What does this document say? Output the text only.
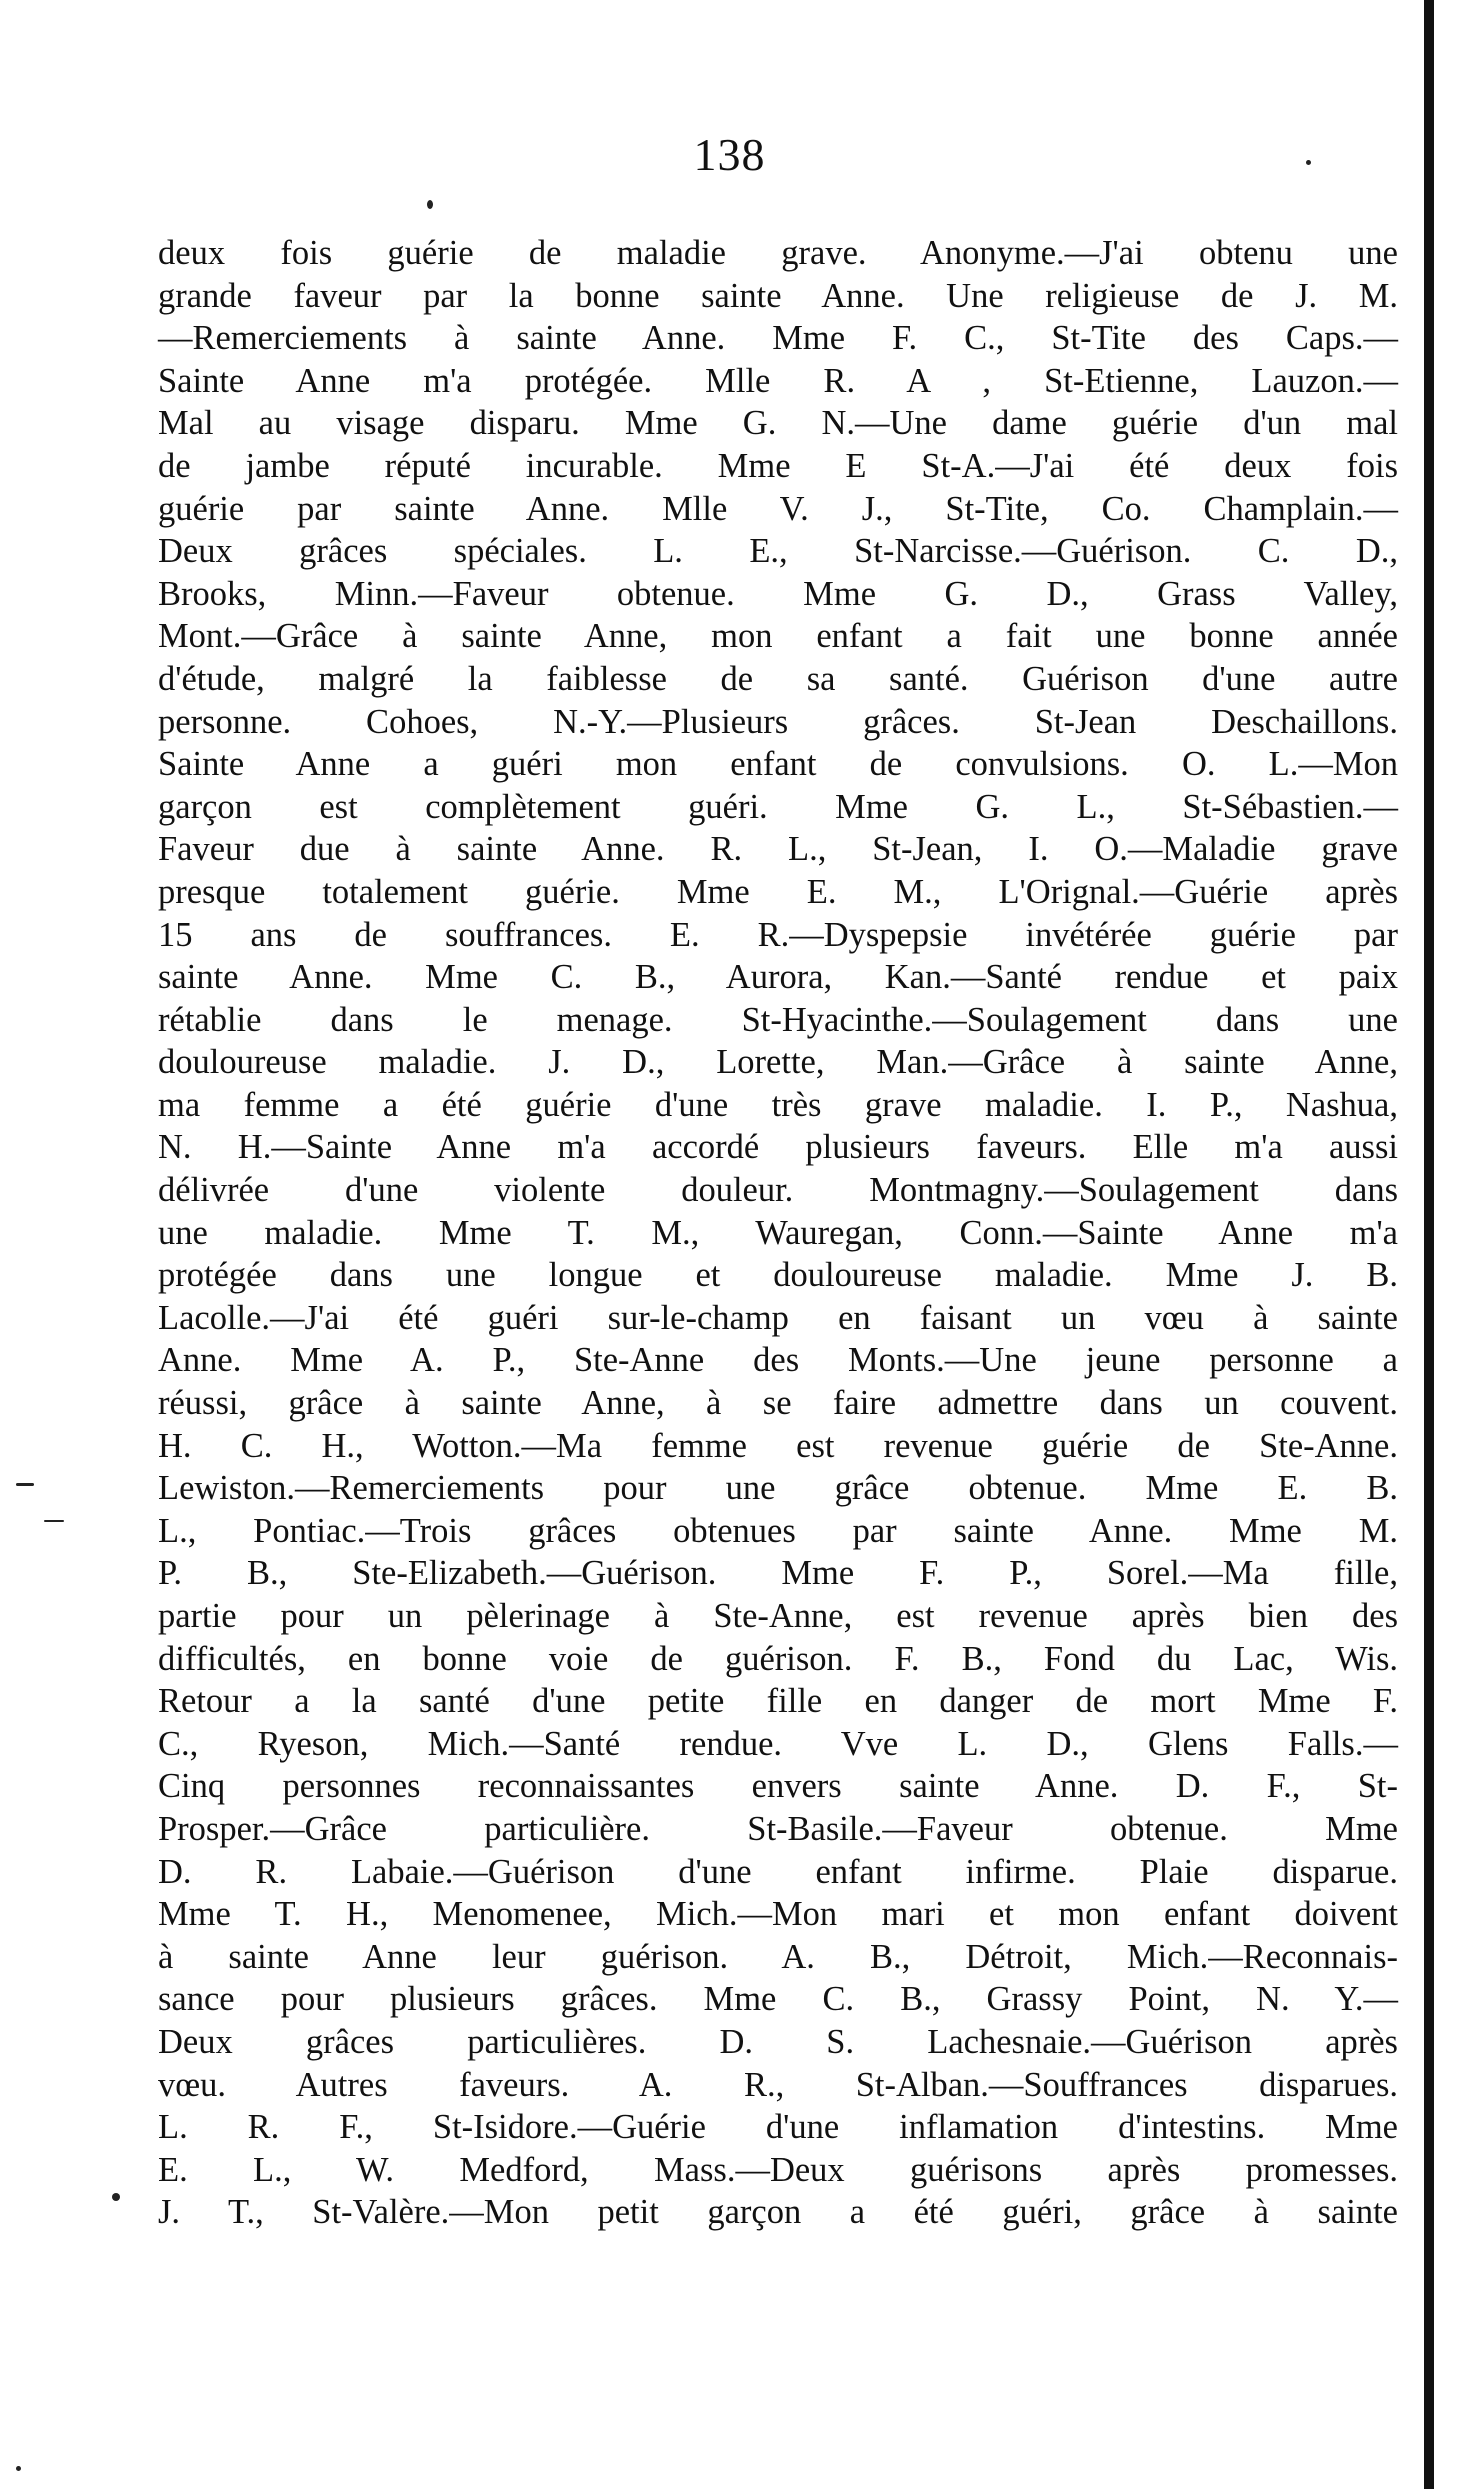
138
deux fois guérie de maladie grave. Anonyme.—J'ai obtenu une
grande faveur par la bonne sainte Anne. Une religieuse de J. M.
—Remerciements à sainte Anne. Mme F. C., St-Tite des Caps.—
Sainte Anne m'a protégée. Mlle R. A , St-Etienne, Lauzon.—
Mal au visage disparu. Mme G. N.—Une dame guérie d'un mal
de jambe réputé incurable. Mme E St-A.—J'ai été deux fois
guérie par sainte Anne. Mlle V. J., St-Tite, Co. Champlain.—
Deux grâces spéciales. L. E., St-Narcisse.—Guérison. C. D.,
Brooks, Minn.—Faveur obtenue. Mme G. D., Grass Valley,
Mont.—Grâce à sainte Anne, mon enfant a fait une bonne année
d'étude, malgré la faiblesse de sa santé. Guérison d'une autre
personne. Cohoes, N.-Y.—Plusieurs grâces. St-Jean Deschaillons.
Sainte Anne a guéri mon enfant de convulsions. O. L.—Mon
garçon est complètement guéri. Mme G. L., St-Sébastien.—
Faveur due à sainte Anne. R. L., St-Jean, I. O.—Maladie grave
presque totalement guérie. Mme E. M., L'Orignal.—Guérie après
15 ans de souffrances. E. R.—Dyspepsie invétérée guérie par
sainte Anne. Mme C. B., Aurora, Kan.—Santé rendue et paix
rétablie dans le menage. St-Hyacinthe.—Soulagement dans une
douloureuse maladie. J. D., Lorette, Man.—Grâce à sainte Anne,
ma femme a été guérie d'une très grave maladie. I. P., Nashua,
N. H.—Sainte Anne m'a accordé plusieurs faveurs. Elle m'a aussi
délivrée d'une violente douleur. Montmagny.—Soulagement dans
une maladie. Mme T. M., Wauregan, Conn.—Sainte Anne m'a
protégée dans une longue et douloureuse maladie. Mme J. B.
Lacolle.—J'ai été guéri sur-le-champ en faisant un vœu à sainte
Anne. Mme A. P., Ste-Anne des Monts.—Une jeune personne a
réussi, grâce à sainte Anne, à se faire admettre dans un couvent.
H. C. H., Wotton.—Ma femme est revenue guérie de Ste-Anne.
Lewiston.—Remerciements pour une grâce obtenue. Mme E. B.
L., Pontiac.—Trois grâces obtenues par sainte Anne. Mme M.
P. B., Ste-Elizabeth.—Guérison. Mme F. P., Sorel.—Ma fille,
partie pour un pèlerinage à Ste-Anne, est revenue après bien des
difficultés, en bonne voie de guérison. F. B., Fond du Lac, Wis.
Retour a la santé d'une petite fille en danger de mort Mme F.
C., Ryeson, Mich.—Santé rendue. Vve L. D., Glens Falls.—
Cinq personnes reconnaissantes envers sainte Anne. D. F., St-
Prosper.—Grâce particulière. St-Basile.—Faveur obtenue. Mme
D. R. Labaie.—Guérison d'une enfant infirme. Plaie disparue.
Mme T. H., Menomenee, Mich.—Mon mari et mon enfant doivent
à sainte Anne leur guérison. A. B., Détroit, Mich.—Reconnais-
sance pour plusieurs grâces. Mme C. B., Grassy Point, N. Y.—
Deux grâces particulières. D. S. Lachesnaie.—Guérison après
vœu. Autres faveurs. A. R., St-Alban.—Souffrances disparues.
L. R. F., St-Isidore.—Guérie d'une inflamation d'intestins. Mme
E. L., W. Medford, Mass.—Deux guérisons après promesses.
J. T., St-Valère.—Mon petit garçon a été guéri, grâce à sainte
